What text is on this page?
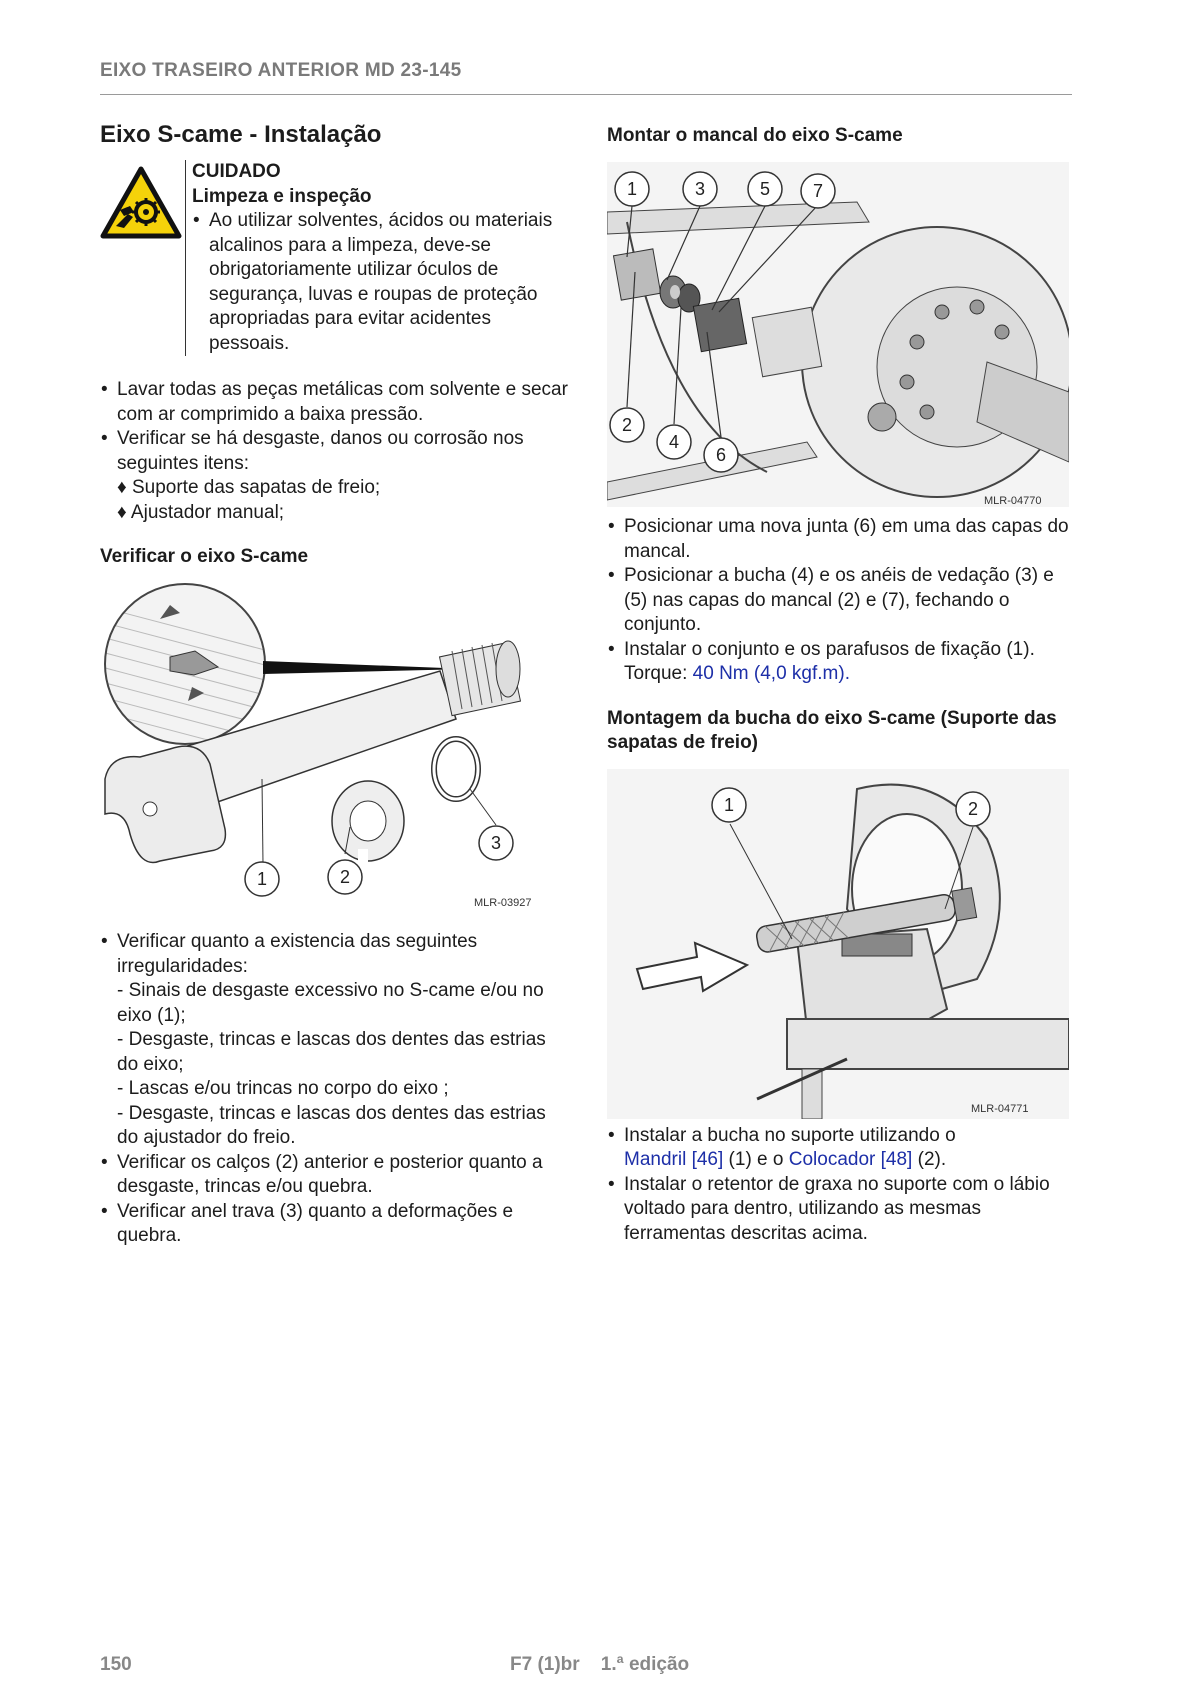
EIXO TRASEIRO ANTERIOR MD 23-145
Eixo S-came - Instalação
CUIDADO
Limpeza e inspeção
• Ao utilizar solventes, ácidos ou materiais alcalinos para a limpeza, deve-se obrigatoriamente utilizar óculos de segurança, luvas e roupas de proteção apropriadas para evitar acidentes pessoais.
• Lavar todas as peças metálicas com solvente e secar com ar comprimido a baixa pressão.
• Verificar se há desgaste, danos ou corrosão nos seguintes itens:

♦ Suporte das sapatas de freio;

♦ Ajustador manual;

Verificar o eixo S-came
1	2
3
MLR-03927
• Verificar quanto a existencia das seguintes irregularidades:
- Sinais de desgaste excessivo no S-came e/ou no eixo (1);
- Desgaste, trincas e lascas dos dentes das estrias do eixo;
- Lascas e/ou trincas no corpo do eixo ;
- Desgaste, trincas e lascas dos dentes das estrias do ajustador do freio.
• Verificar os calços (2) anterior e posterior quanto a desgaste, trincas e/ou quebra.
• Verificar anel trava (3) quanto a deformações e quebra.
Montar o mancal do eixo S-came
1	3	5 7
2
4
6
MLR-04770
• Posicionar uma nova junta (6) em uma das capas do mancal.
• Posicionar a bucha (4) e os anéis de vedação (3) e (5) nas capas do mancal (2) e (7), fechando o conjunto.
• Instalar o conjunto e os parafusos de fixação (1).
Torque: 40 Nm (4,0 kgf.m).
Montagem da bucha do eixo S-came (Suporte das sapatas de freio)
1	2
MLR-04771
• Instalar a bucha no suporte utilizando o
Mandril [46] (1) e o Colocador [48] (2).
• Instalar o retentor de graxa no suporte com o lábio voltado para dentro, utilizando as mesmas ferramentas descritas acima.
150	F7 (1)br    1.ª edição
